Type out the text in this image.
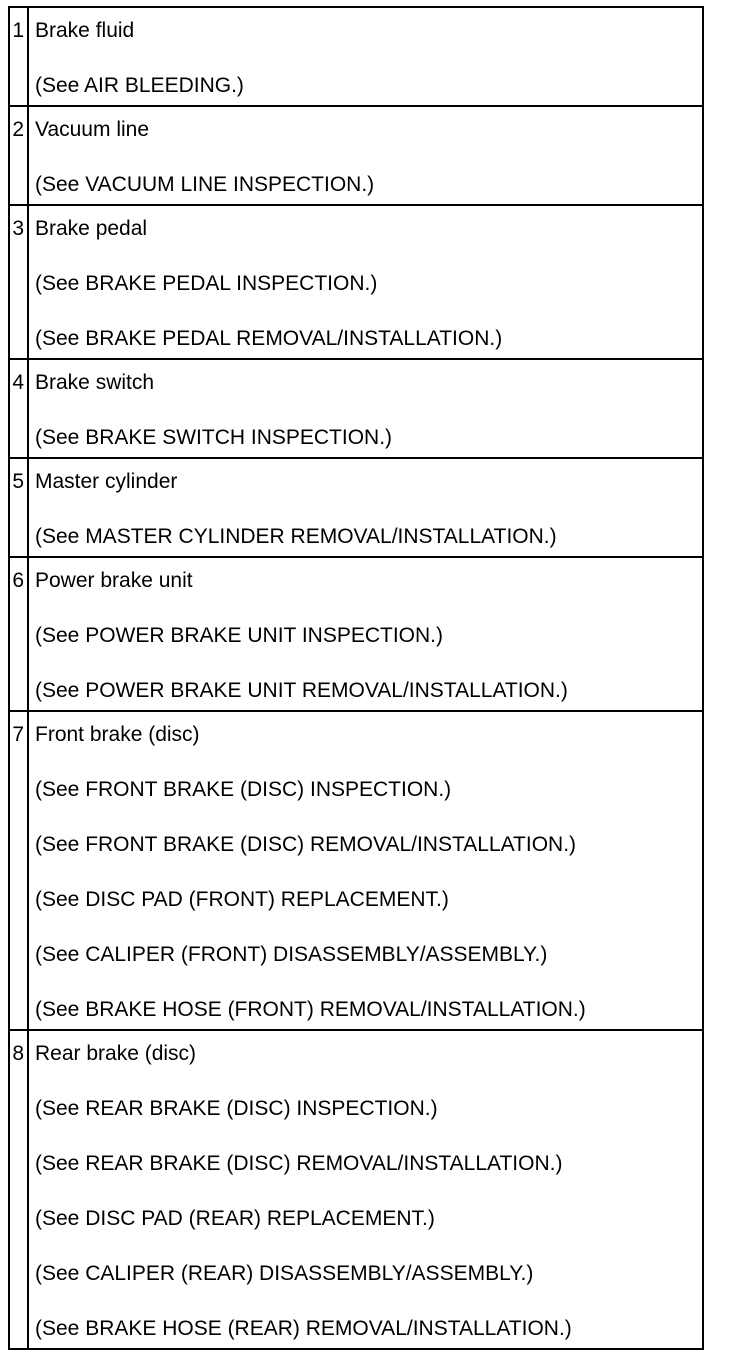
1 Brake fluid
(See AIR BLEEDING.)
2 Vacuum line
(See VACUUM LINE INSPECTION.)
3 Brake pedal
(See BRAKE PEDAL INSPECTION.)
(See BRAKE PEDAL REMOVAL/INSTALLATION.)
4 Brake switch
(See BRAKE SWITCH INSPECTION.)
5 Master cylinder
(See MASTER CYLINDER REMOVAL/INSTALLATION.)
6 Power brake unit
(See POWER BRAKE UNIT INSPECTION.)
(See POWER BRAKE UNIT REMOVAL/INSTALLATION.)
7 Front brake (disc)
(See FRONT BRAKE (DISC) INSPECTION.)
(See FRONT BRAKE (DISC) REMOVAL/INSTALLATION.)
(See DISC PAD (FRONT) REPLACEMENT.)
(See CALIPER (FRONT) DISASSEMBLY/ASSEMBLY.)
(See BRAKE HOSE (FRONT) REMOVAL/INSTALLATION.)
8 Rear brake (disc)
(See REAR BRAKE (DISC) INSPECTION.)
(See REAR BRAKE (DISC) REMOVAL/INSTALLATION.)
(See DISC PAD (REAR) REPLACEMENT.)
(See CALIPER (REAR) DISASSEMBLY/ASSEMBLY.)
(See BRAKE HOSE (REAR) REMOVAL/INSTALLATION.)
